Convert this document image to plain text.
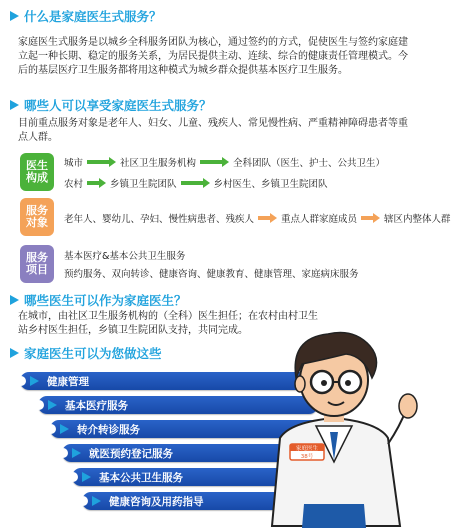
什么是家庭医生式服务？
家庭医生式服务是以城乡全科服务团队为核心，通过签约的方式，促使医生与签约家庭建立起一种长期、稳定的服务关系，为居民提供主动、连续、综合的健康责任管理模式。今后的基层医疗卫生服务都将用这种模式为城乡群众提供基本医疗卫生服务。
哪些人可以享受家庭医生式服务？
目前重点服务对象是老年人、妇女、儿童、残疾人、常见慢性病、严重精神障碍患者等重点人群。
医生构成
城市	社区卫生服务机构	全科团队（医生、护士、公共卫生）
农村	乡镇卫生院团队	乡村医生、乡镇卫生院团队
服务对象 老年人、婴幼儿、孕妇、慢性病患者、残疾人	重点人群家庭成员	辖区内整体人群
服务项目
基本医疗&基本公共卫生服务
预约服务、双向转诊、健康咨询、健康教育、健康管理、家庭病床服务
哪些医生可以作为家庭医生？
在城市，由社区卫生服务机构的（全科）医生担任；在农村由村卫生站乡村医生担任，乡镇卫生院团队支持，共同完成。
家庭医生可以为您做这些
健康管理
基本医疗服务
转介转诊服务
就医预约登记服务
基本公共卫生服务
健康咨询及用药指导
家庭医生
38号
